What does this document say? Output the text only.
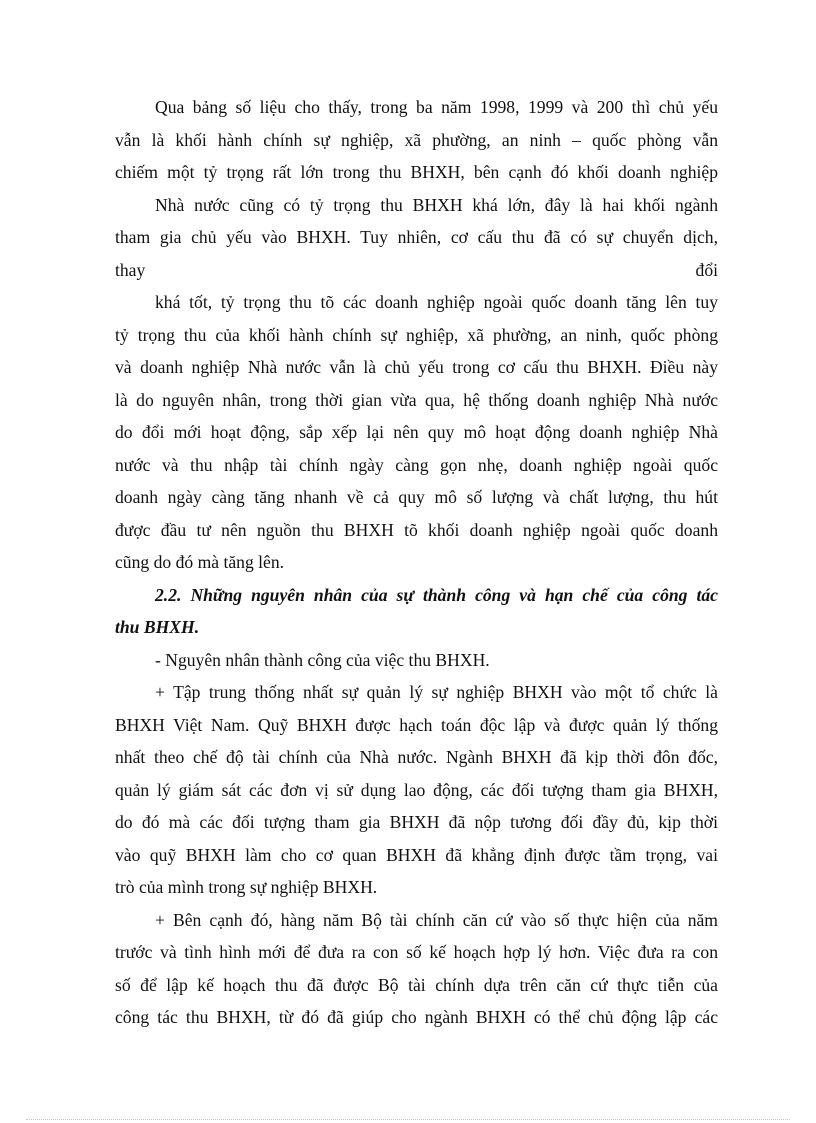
Qua bảng số liệu cho thấy, trong ba năm 1998, 1999 và 200 thì chủ yếu
vẫn là khối hành chính sự nghiệp, xã phường, an ninh – quốc phòng vẫn
chiếm một tỷ trọng rất lớn trong thu BHXH, bên cạnh đó khối doanh nghiệp
Nhà nước cũng có tỷ trọng thu BHXH khá lớn, đây là hai khối ngành
tham gia chủ yếu vào BHXH. Tuy nhiên, cơ cấu thu đã có sự chuyển dịch,
thay đổi
khá tốt, tỷ trọng thu tõ các doanh nghiệp ngoài quốc doanh tăng lên tuy
tỷ trọng thu của khối hành chính sự nghiệp, xã phường, an ninh, quốc phòng
và doanh nghiệp Nhà nước vẫn là chủ yếu trong cơ cấu thu BHXH. Điều này
là do nguyên nhân, trong thời gian vừa qua, hệ thống doanh nghiệp Nhà nước
do đổi mới hoạt động, sắp xếp lại nên quy mô hoạt động doanh nghiệp Nhà
nước và thu nhập tài chính ngày càng gọn nhẹ, doanh nghiệp ngoài quốc
doanh ngày càng tăng nhanh về cả quy mô số lượng và chất lượng, thu hút
được đầu tư nên nguồn thu BHXH tõ khối doanh nghiệp ngoài quốc doanh
cũng do đó mà tăng lên.
2.2. Những nguyên nhân của sự thành công và hạn chế của công tác
thu BHXH.
- Nguyên nhân thành công của việc thu BHXH.
+ Tập trung thống nhất sự quản lý sự nghiệp BHXH vào một tổ chức là
BHXH Việt Nam. Quỹ BHXH được hạch toán độc lập và được quản lý thống
nhất theo chế độ tài chính của Nhà nước. Ngành BHXH đã kịp thời đôn đốc,
quản lý giám sát các đơn vị sử dụng lao động, các đối tượng tham gia BHXH,
do đó mà các đối tượng tham gia BHXH đã nộp tương đối đầy đủ, kịp thời
vào quỹ BHXH làm cho cơ quan BHXH đã khẳng định được tầm trọng, vai
trò của mình trong sự nghiệp BHXH.
+ Bên cạnh đó, hàng năm Bộ tài chính căn cứ vào số thực hiện của năm
trước và tình hình mới để đưa ra con số kế hoạch hợp lý hơn. Việc đưa ra con
số để lập kế hoạch thu đã được Bộ tài chính dựa trên căn cứ thực tiễn của
công tác thu BHXH, từ đó đã giúp cho ngành BHXH có thể chủ động lập các
